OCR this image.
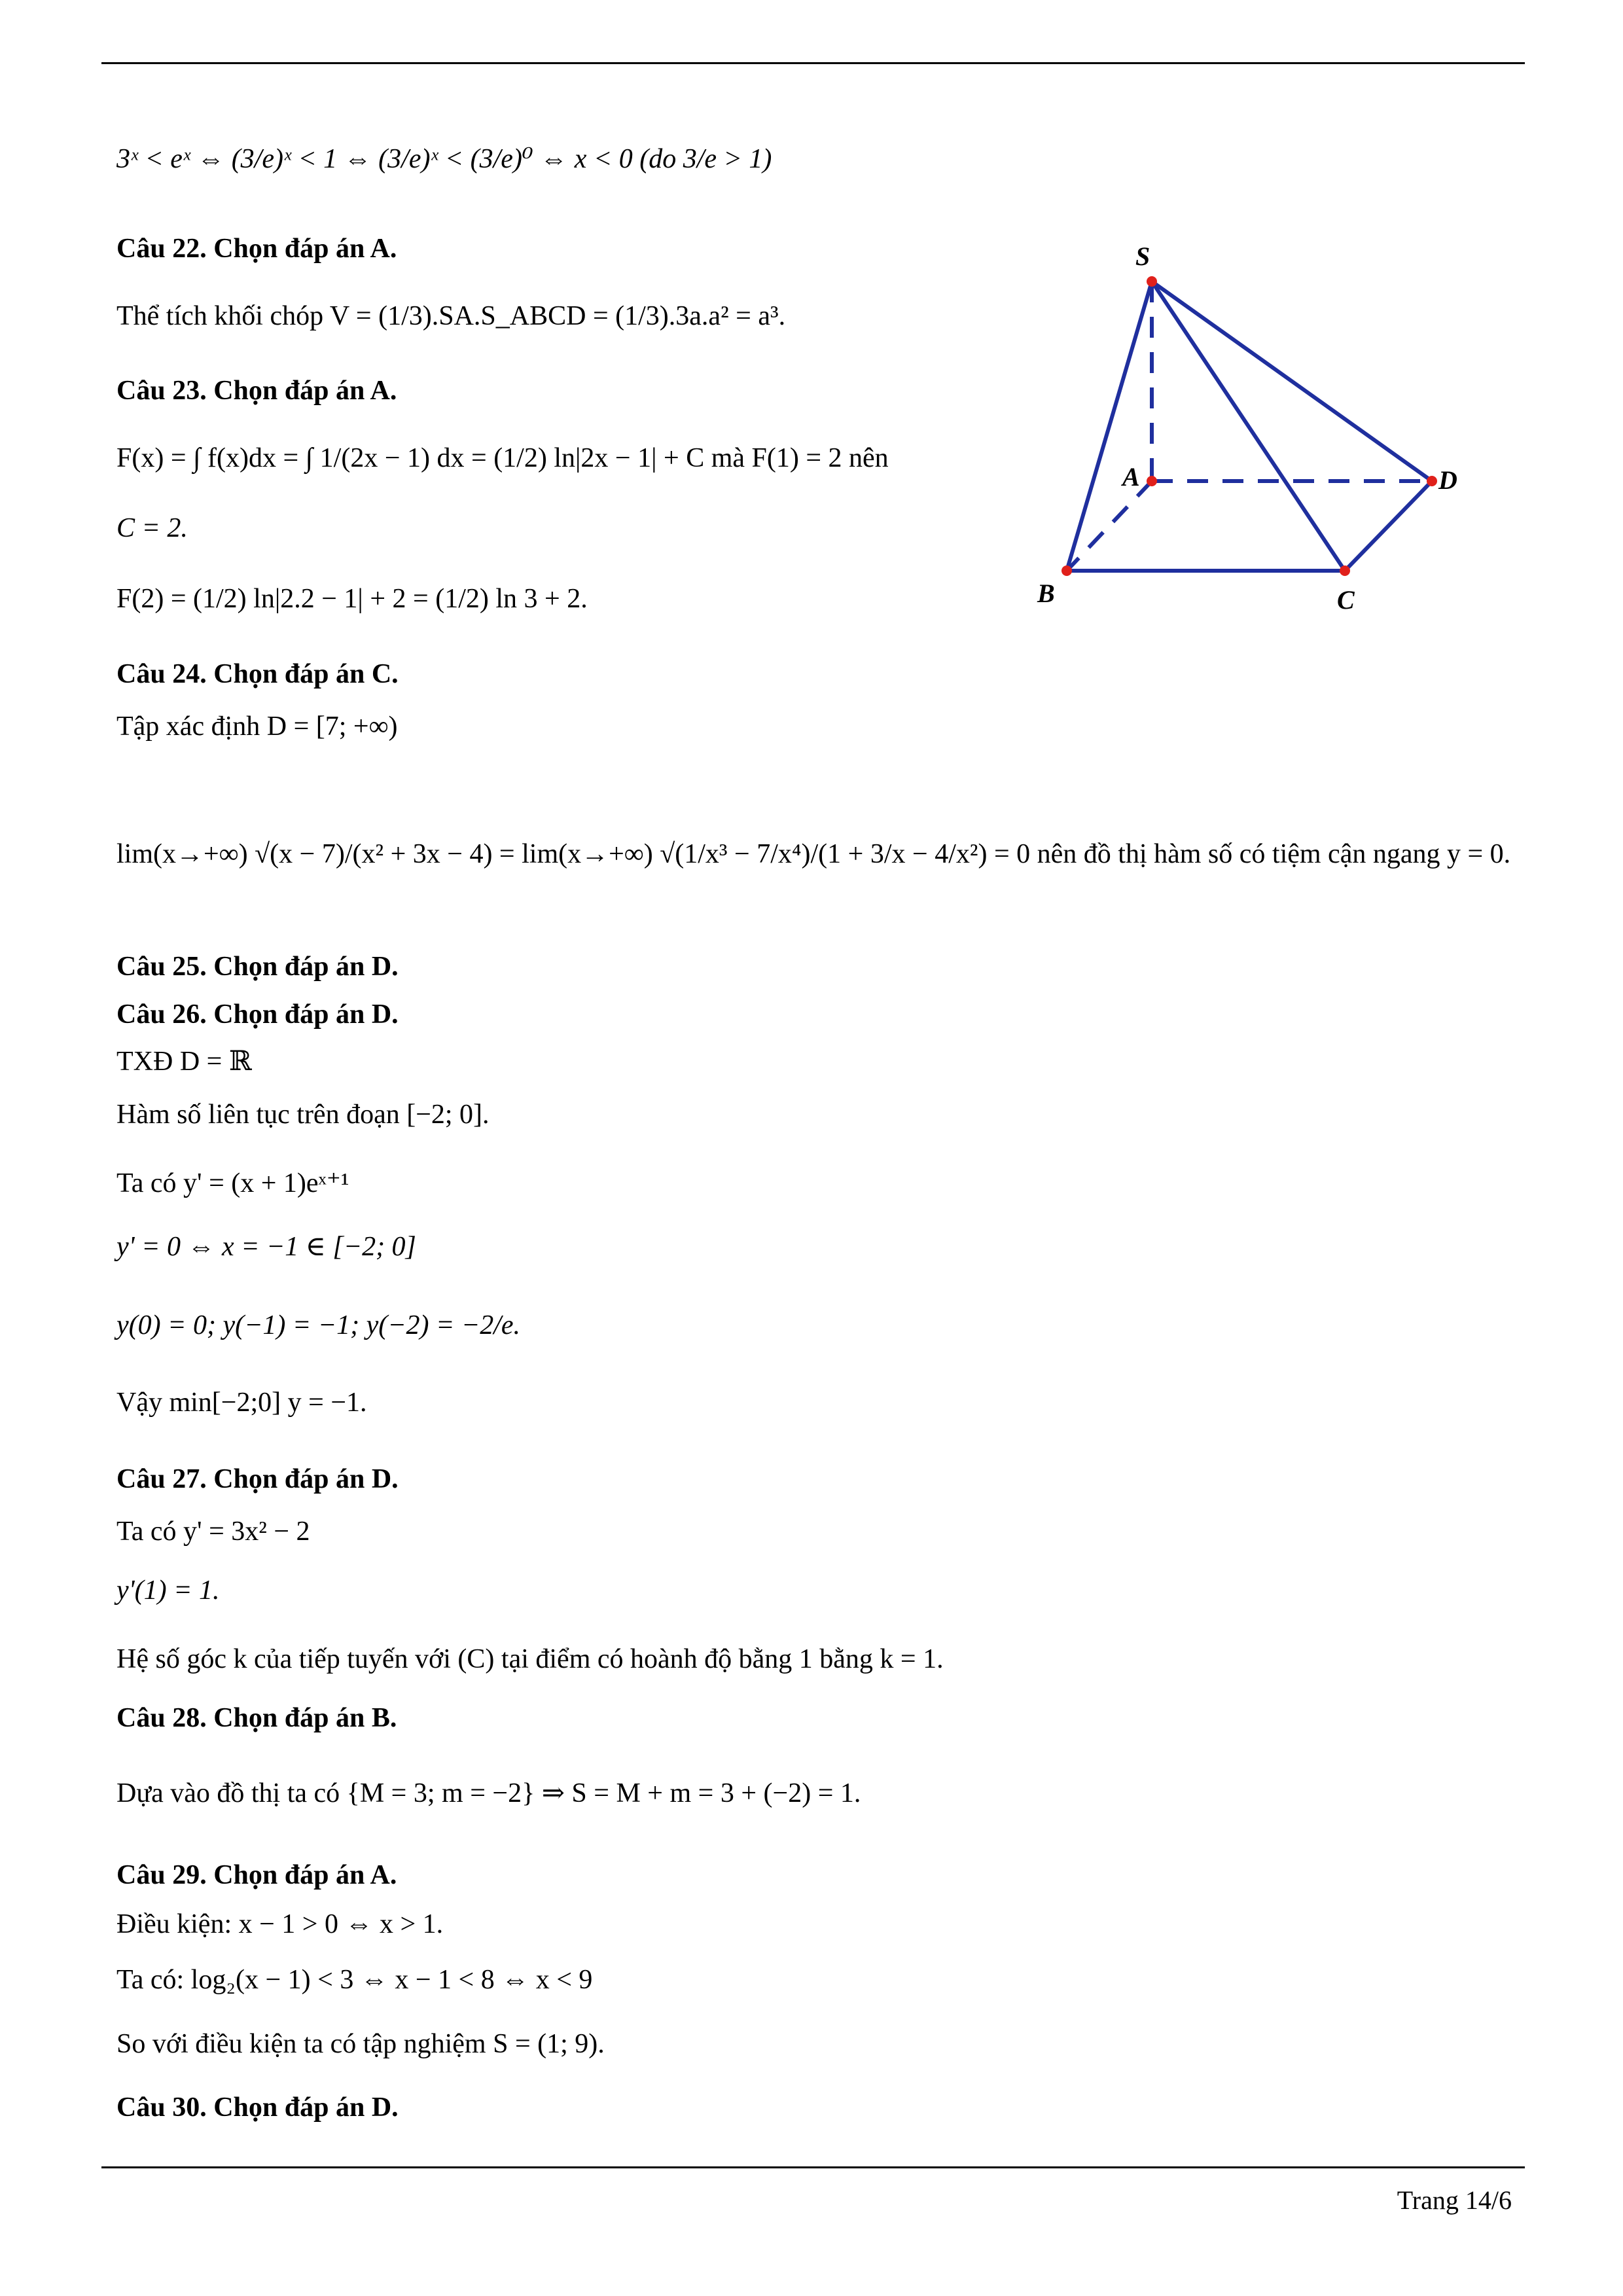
3ˣ < eˣ ⇔ (3/e)ˣ < 1 ⇔ (3/e)ˣ < (3/e)⁰ ⇔ x < 0 (do 3/e > 1)
Câu 22. Chọn đáp án A.
Thể tích khối chóp V = (1/3).SA.S_ABCD = (1/3).3a.a² = a³.
Câu 23. Chọn đáp án A.
F(x) = ∫ f(x)dx = ∫ 1/(2x − 1) dx = (1/2) ln|2x − 1| + C mà F(1) = 2 nên
C = 2.
F(2) = (1/2) ln|2.2 − 1| + 2 = (1/2) ln 3 + 2.
Câu 24. Chọn đáp án C.
Tập xác định D = [7; +∞)
lim(x→+∞) √(x − 7)/(x² + 3x − 4) = lim(x→+∞) √(1/x³ − 7/x⁴)/(1 + 3/x − 4/x²) = 0 nên đồ thị hàm số có tiệm cận ngang y = 0.
Câu 25. Chọn đáp án D.
Câu 26. Chọn đáp án D.
TXĐ D = ℝ
Hàm số liên tục trên đoạn [−2; 0].
Ta có y' = (x + 1)eˣ⁺¹
y' = 0 ⇔ x = −1 ∈ [−2; 0]
y(0) = 0; y(−1) = −1; y(−2) = −2/e.
Vậy min[−2;0] y = −1.
Câu 27. Chọn đáp án D.
Ta có y' = 3x² − 2
y'(1) = 1.
Hệ số góc k của tiếp tuyến với (C) tại điểm có hoành độ bằng 1 bằng k = 1.
Câu 28. Chọn đáp án B.
Dựa vào đồ thị ta có {M = 3; m = −2} ⇒ S = M + m = 3 + (−2) = 1.
Câu 29. Chọn đáp án A.
Điều kiện: x − 1 > 0 ⇔ x > 1.
Ta có: log₂(x − 1) < 3 ⇔ x − 1 < 8 ⇔ x < 9
So với điều kiện ta có tập nghiệm S = (1; 9).
Câu 30. Chọn đáp án D.
S
A
B	C
D
Trang 14/6
